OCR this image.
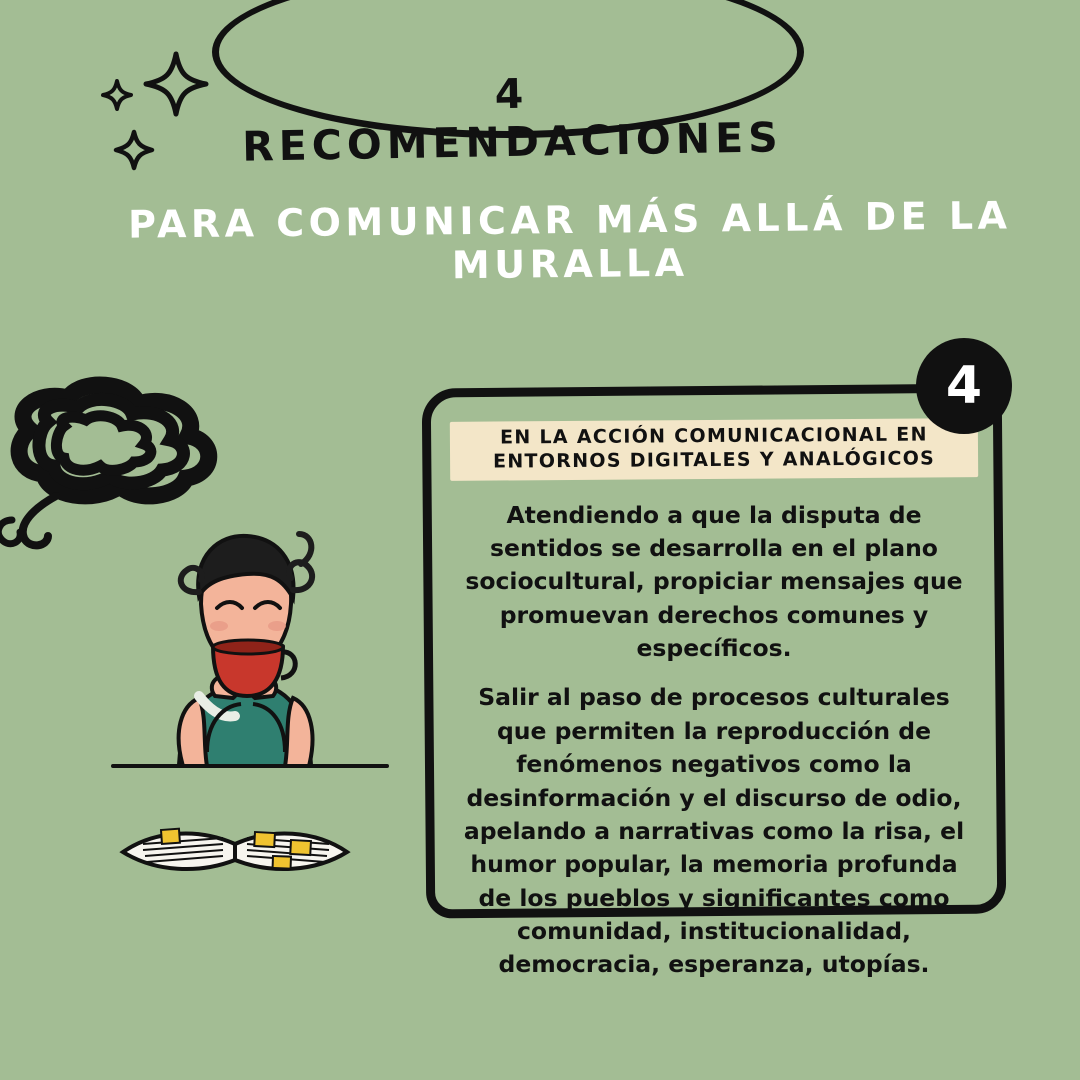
4 RECOMENDACIONES
PARA COMUNICAR MÁS ALLÁ DE LA MURALLA
4
EN LA ACCIÓN COMUNICACIONAL EN ENTORNOS DIGITALES Y ANALÓGICOS

Atendiendo a que la disputa de sentidos se desarrolla en el plano sociocultural, propiciar mensajes que promuevan derechos comunes y específicos.

Salir al paso de procesos culturales que permiten la reproducción de fenómenos negativos como la desinformación y el discurso de odio, apelando a narrativas como la risa, el humor popular, la memoria profunda de los pueblos y significantes como comunidad, institucionalidad, democracia, esperanza, utopías.
